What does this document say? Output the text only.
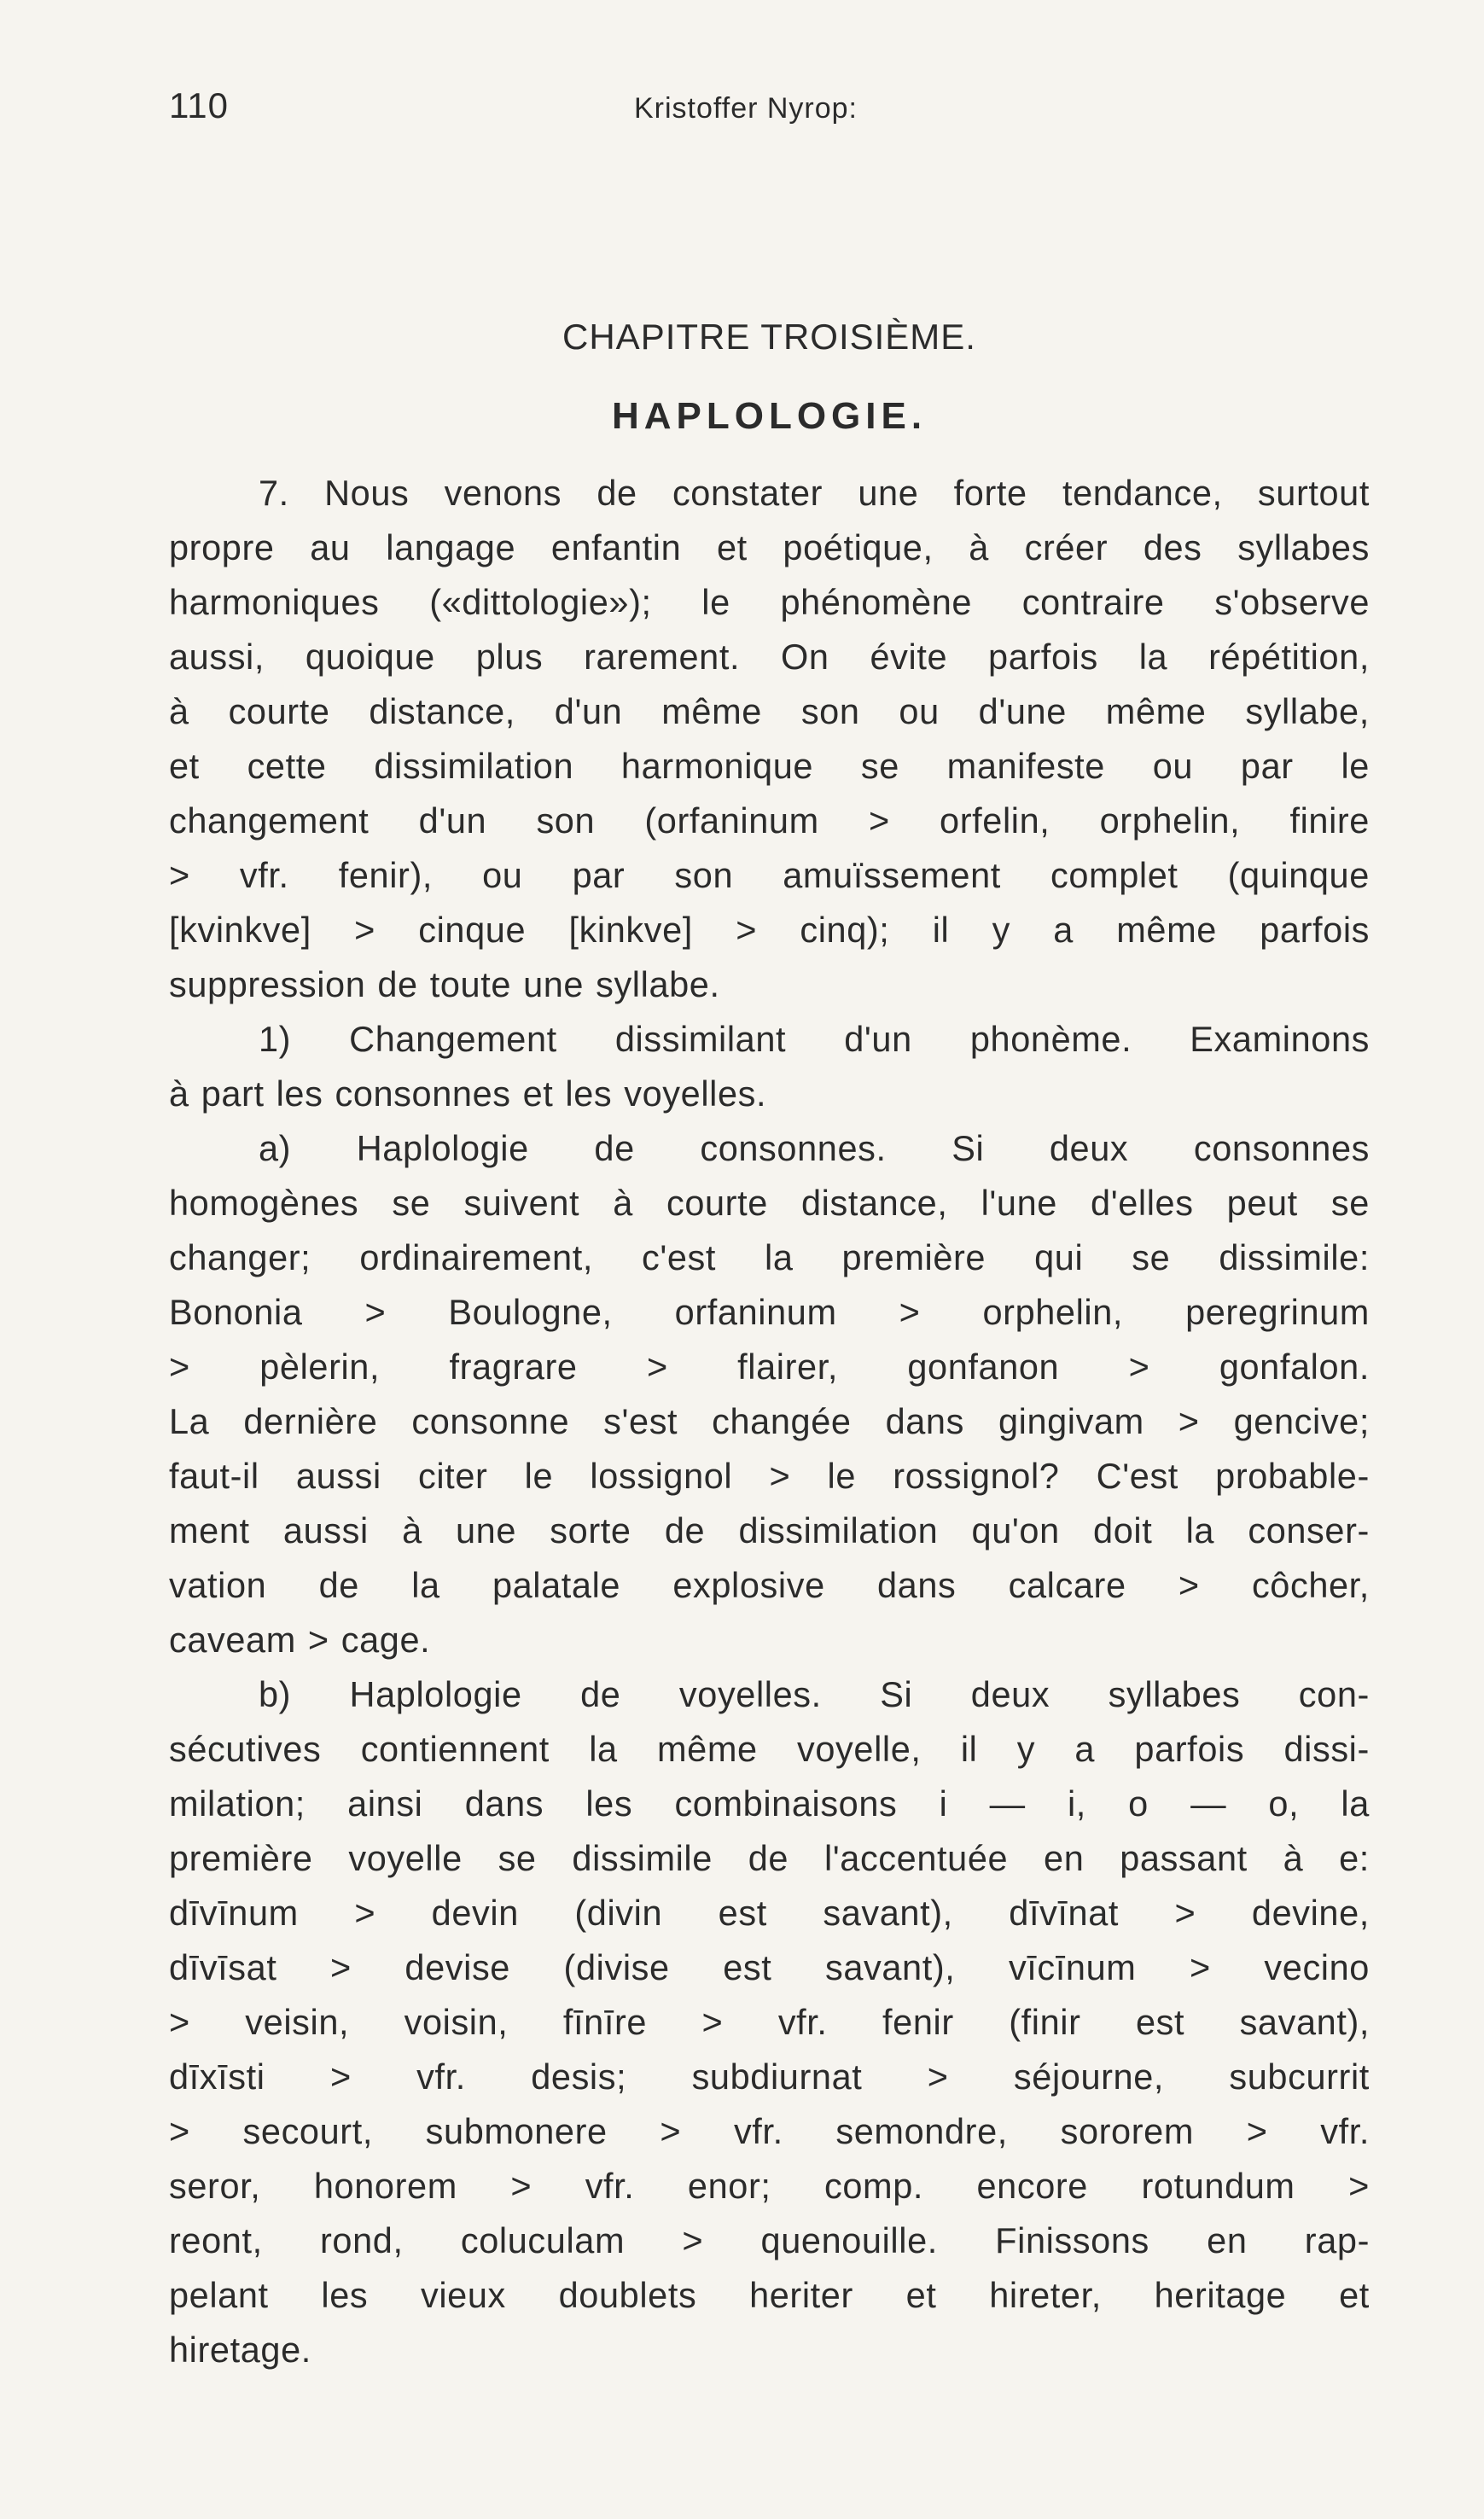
110	Kristoffer Nyrop:
CHAPITRE TROISIÈME.
HAPLOLOGIE.
7. Nous venons de constater une forte tendance, surtout
propre au langage enfantin et poétique, à créer des syllabes
harmoniques («dittologie»); le phénomène contraire s'observe
aussi, quoique plus rarement. On évite parfois la répétition,
à courte distance, d'un même son ou d'une même syllabe,
et cette dissimilation harmonique se manifeste ou par le
changement d'un son (orfaninum > orfelin, orphelin, finire
> vfr. fenir), ou par son amuïssement complet (quinque
[kvinkve] > cinque [kinkve] > cinq); il y a même parfois
suppression de toute une syllabe.
1) Changement dissimilant d'un phonème. Examinons
à part les consonnes et les voyelles.
a) Haplologie de consonnes. Si deux consonnes
homogènes se suivent à courte distance, l'une d'elles peut se
changer; ordinairement, c'est la première qui se dissimile:
Bononia > Boulogne, orfaninum > orphelin, peregrinum
> pèlerin, fragrare > flairer, gonfanon > gonfalon.
La dernière consonne s'est changée dans gingivam > gencive;
faut-il aussi citer le lossignol > le rossignol? C'est probable-
ment aussi à une sorte de dissimilation qu'on doit la conser-
vation de la palatale explosive dans calcare > côcher,
caveam > cage.
b) Haplologie de voyelles. Si deux syllabes con-
sécutives contiennent la même voyelle, il y a parfois dissi-
milation; ainsi dans les combinaisons i — i, o — o, la
première voyelle se dissimile de l'accentuée en passant à e:
dīvīnum > devin (divin est savant), dīvīnat > devine,
dīvīsat > devise (divise est savant), vīcīnum > vecino
> veisin, voisin, fīnīre > vfr. fenir (finir est savant),
dīxīsti > vfr. desis; subdiurnat > séjourne, subcurrit
> secourt, submonere > vfr. semondre, sororem > vfr.
seror, honorem > vfr. enor; comp. encore rotundum >
reont, rond, coluculam > quenouille. Finissons en rap-
pelant les vieux doublets heriter et hireter, heritage et
hiretage.
